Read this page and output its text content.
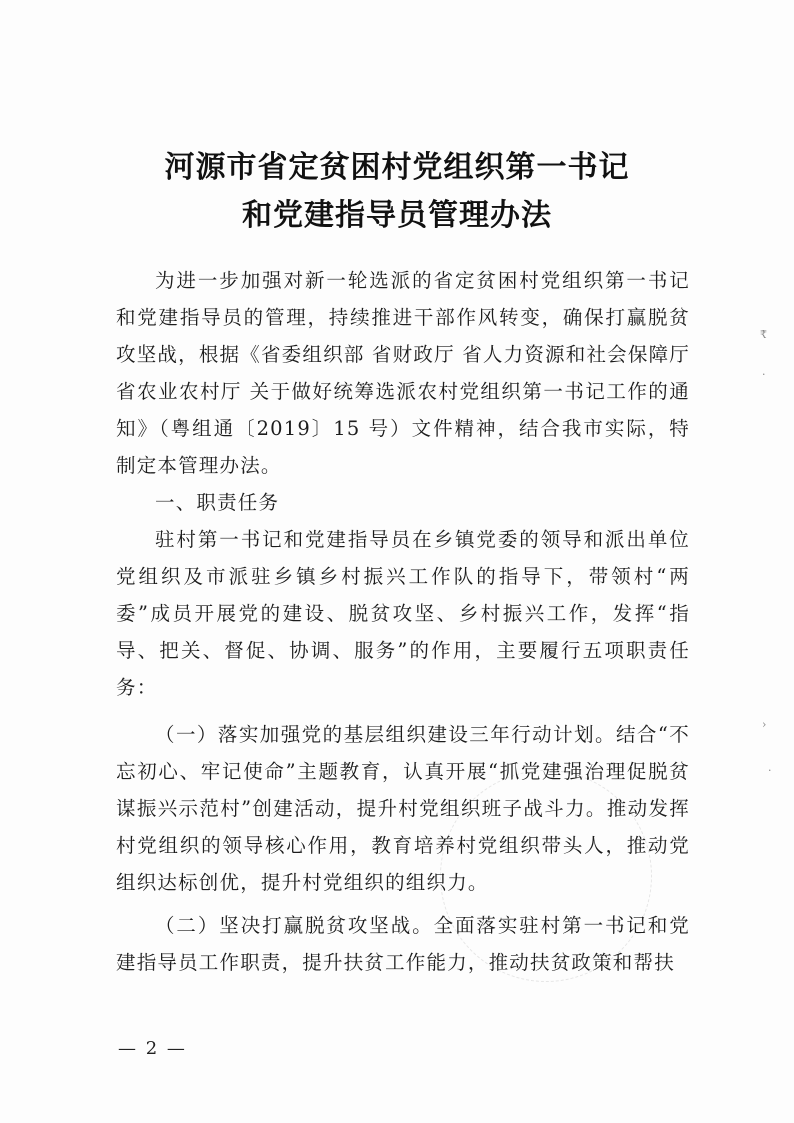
河源市省定贫困村党组织第一书记
和党建指导员管理办法

为进一步加强对新一轮选派的省定贫困村党组织第一书记和党建指导员的管理，持续推进干部作风转变，确保打赢脱贫攻坚战，根据《省委组织部 省财政厅 省人力资源和社会保障厅 省农业农村厅 关于做好统筹选派农村党组织第一书记工作的通知》（粤组通〔2019〕15 号）文件精神，结合我市实际，特制定本管理办法。

一、职责任务

驻村第一书记和党建指导员在乡镇党委的领导和派出单位党组织及市派驻乡镇乡村振兴工作队的指导下，带领村“两委”成员开展党的建设、脱贫攻坚、乡村振兴工作，发挥“指导、把关、督促、协调、服务”的作用，主要履行五项职责任务：

（一）落实加强党的基层组织建设三年行动计划。结合“不忘初心、牢记使命”主题教育，认真开展“抓党建强治理促脱贫谋振兴示范村”创建活动，提升村党组织班子战斗力。推动发挥村党组织的领导核心作用，教育培养村党组织带头人，推动党组织达标创优，提升村党组织的组织力。

（二）坚决打赢脱贫攻坚战。全面落实驻村第一书记和党建指导员工作职责，提升扶贫工作能力，推动扶贫政策和帮扶

— 2 —
₹
·
›
·
